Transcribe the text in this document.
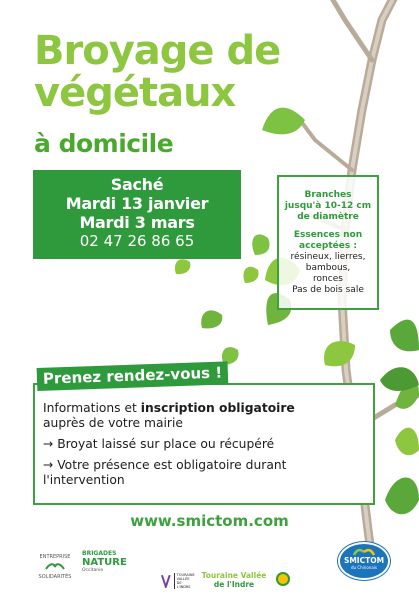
Broyage de
végétaux
à domicile
Saché
Mardi 13 janvier
Mardi 3 mars
02 47 26 86 65
Branches
jusqu'à 10-12 cm
de diamètre
Essences non
acceptées :
résineux, lierres,
bambous,
ronces
Pas de bois sale
Prenez rendez-vous !

Informations et inscription obligatoire
auprès de votre mairie

→ Broyat laissé sur place ou récupéré

→ Votre présence est obligatoire durant
l'intervention

www.smictom.com
ENTREPRISE
SOLIDARITÉS
BRIGADES
NATURE
Occitanie
TOURAINE
VALLÉE
DE L'INDRE
Touraine Vallée
de l'Indre
SMICTOM
du Chinonais
